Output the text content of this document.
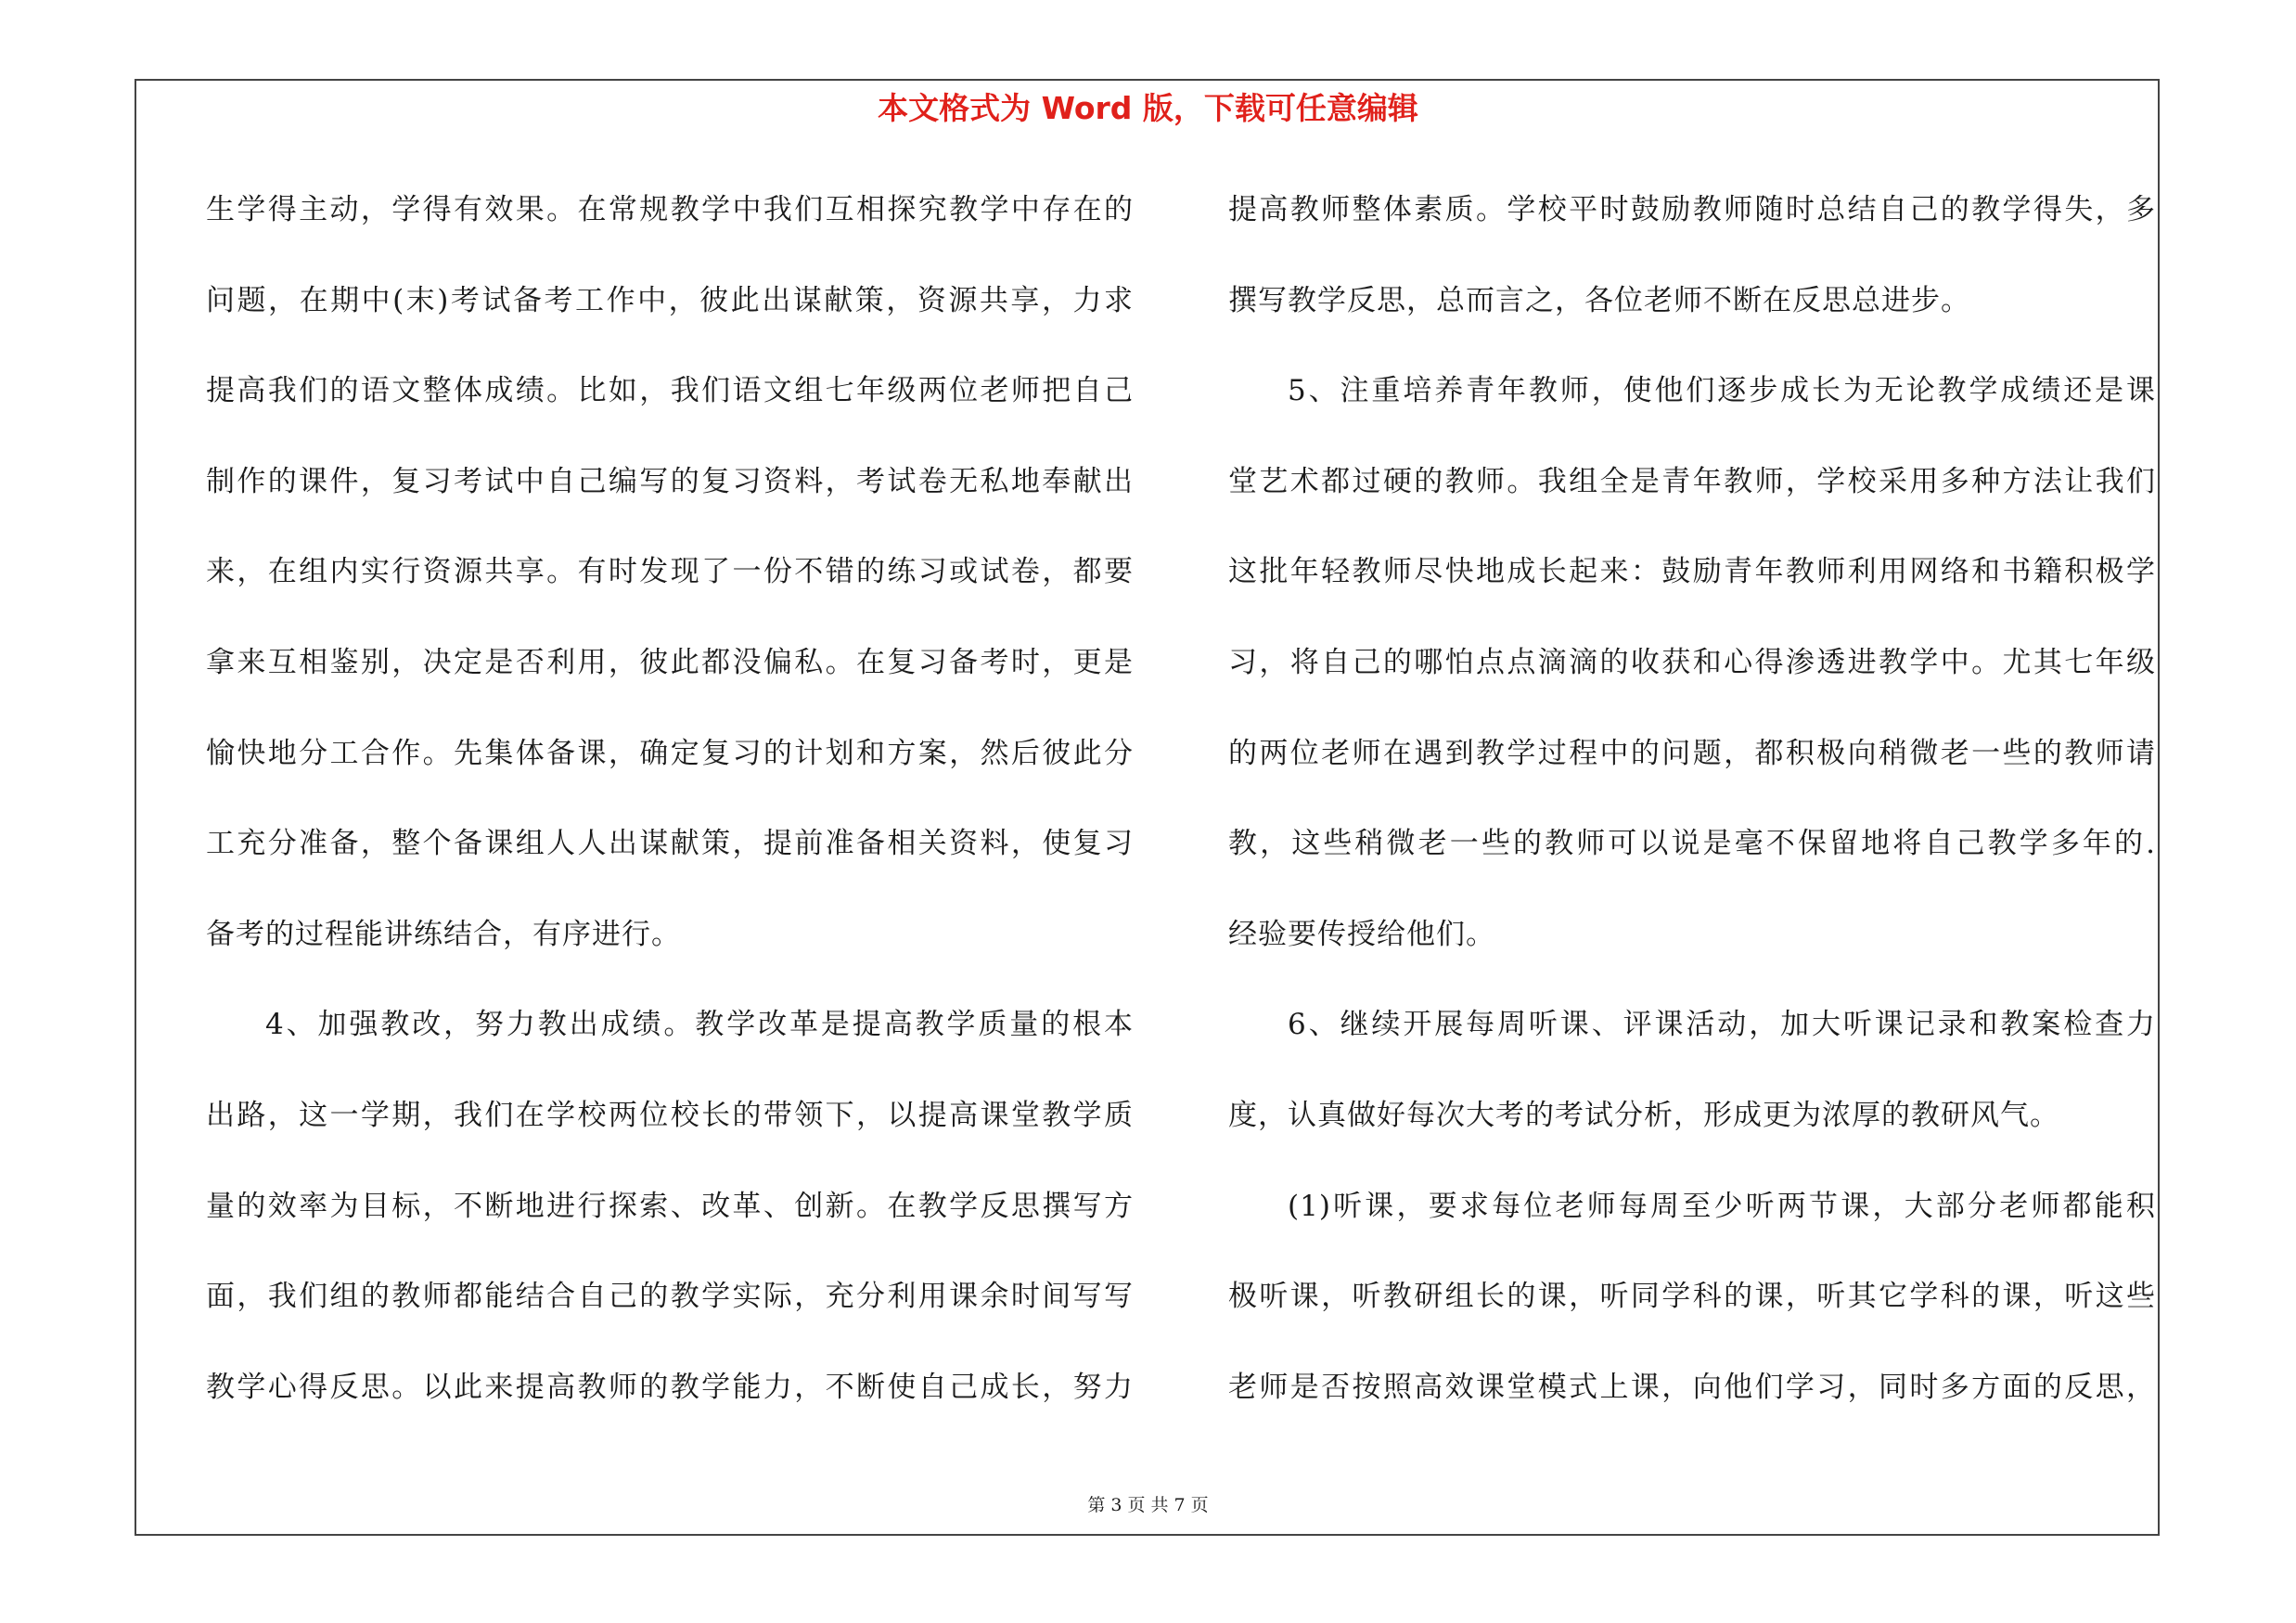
本文格式为 Word 版，下载可任意编辑
生学得主动，学得有效果。在常规教学中我们互相探究教学中存在的
问题，在期中(末)考试备考工作中，彼此出谋献策，资源共享，力求
提高我们的语文整体成绩。比如，我们语文组七年级两位老师把自己
制作的课件，复习考试中自己编写的复习资料，考试卷无私地奉献出
来，在组内实行资源共享。有时发现了一份不错的练习或试卷，都要
拿来互相鉴别，决定是否利用，彼此都没偏私。在复习备考时，更是
愉快地分工合作。先集体备课，确定复习的计划和方案，然后彼此分
工充分准备，整个备课组人人出谋献策，提前准备相关资料，使复习
备考的过程能讲练结合，有序进行。
4、加强教改，努力教出成绩。教学改革是提高教学质量的根本
出路，这一学期，我们在学校两位校长的带领下，以提高课堂教学质
量的效率为目标，不断地进行探索、改革、创新。在教学反思撰写方
面，我们组的教师都能结合自己的教学实际，充分利用课余时间写写
教学心得反思。以此来提高教师的教学能力，不断使自己成长，努力
提高教师整体素质。学校平时鼓励教师随时总结自己的教学得失，多
撰写教学反思，总而言之，各位老师不断在反思总进步。
5、注重培养青年教师，使他们逐步成长为无论教学成绩还是课
堂艺术都过硬的教师。我组全是青年教师，学校采用多种方法让我们
这批年轻教师尽快地成长起来：鼓励青年教师利用网络和书籍积极学
习，将自己的哪怕点点滴滴的收获和心得渗透进教学中。尤其七年级
的两位老师在遇到教学过程中的问题，都积极向稍微老一些的教师请
教，这些稍微老一些的教师可以说是毫不保留地将自己教学多年的.
经验要传授给他们。
6、继续开展每周听课、评课活动，加大听课记录和教案检查力
度，认真做好每次大考的考试分析，形成更为浓厚的教研风气。
(1)听课，要求每位老师每周至少听两节课，大部分老师都能积
极听课，听教研组长的课，听同学科的课，听其它学科的课，听这些
老师是否按照高效课堂模式上课，向他们学习，同时多方面的反思，
第 3 页 共 7 页
